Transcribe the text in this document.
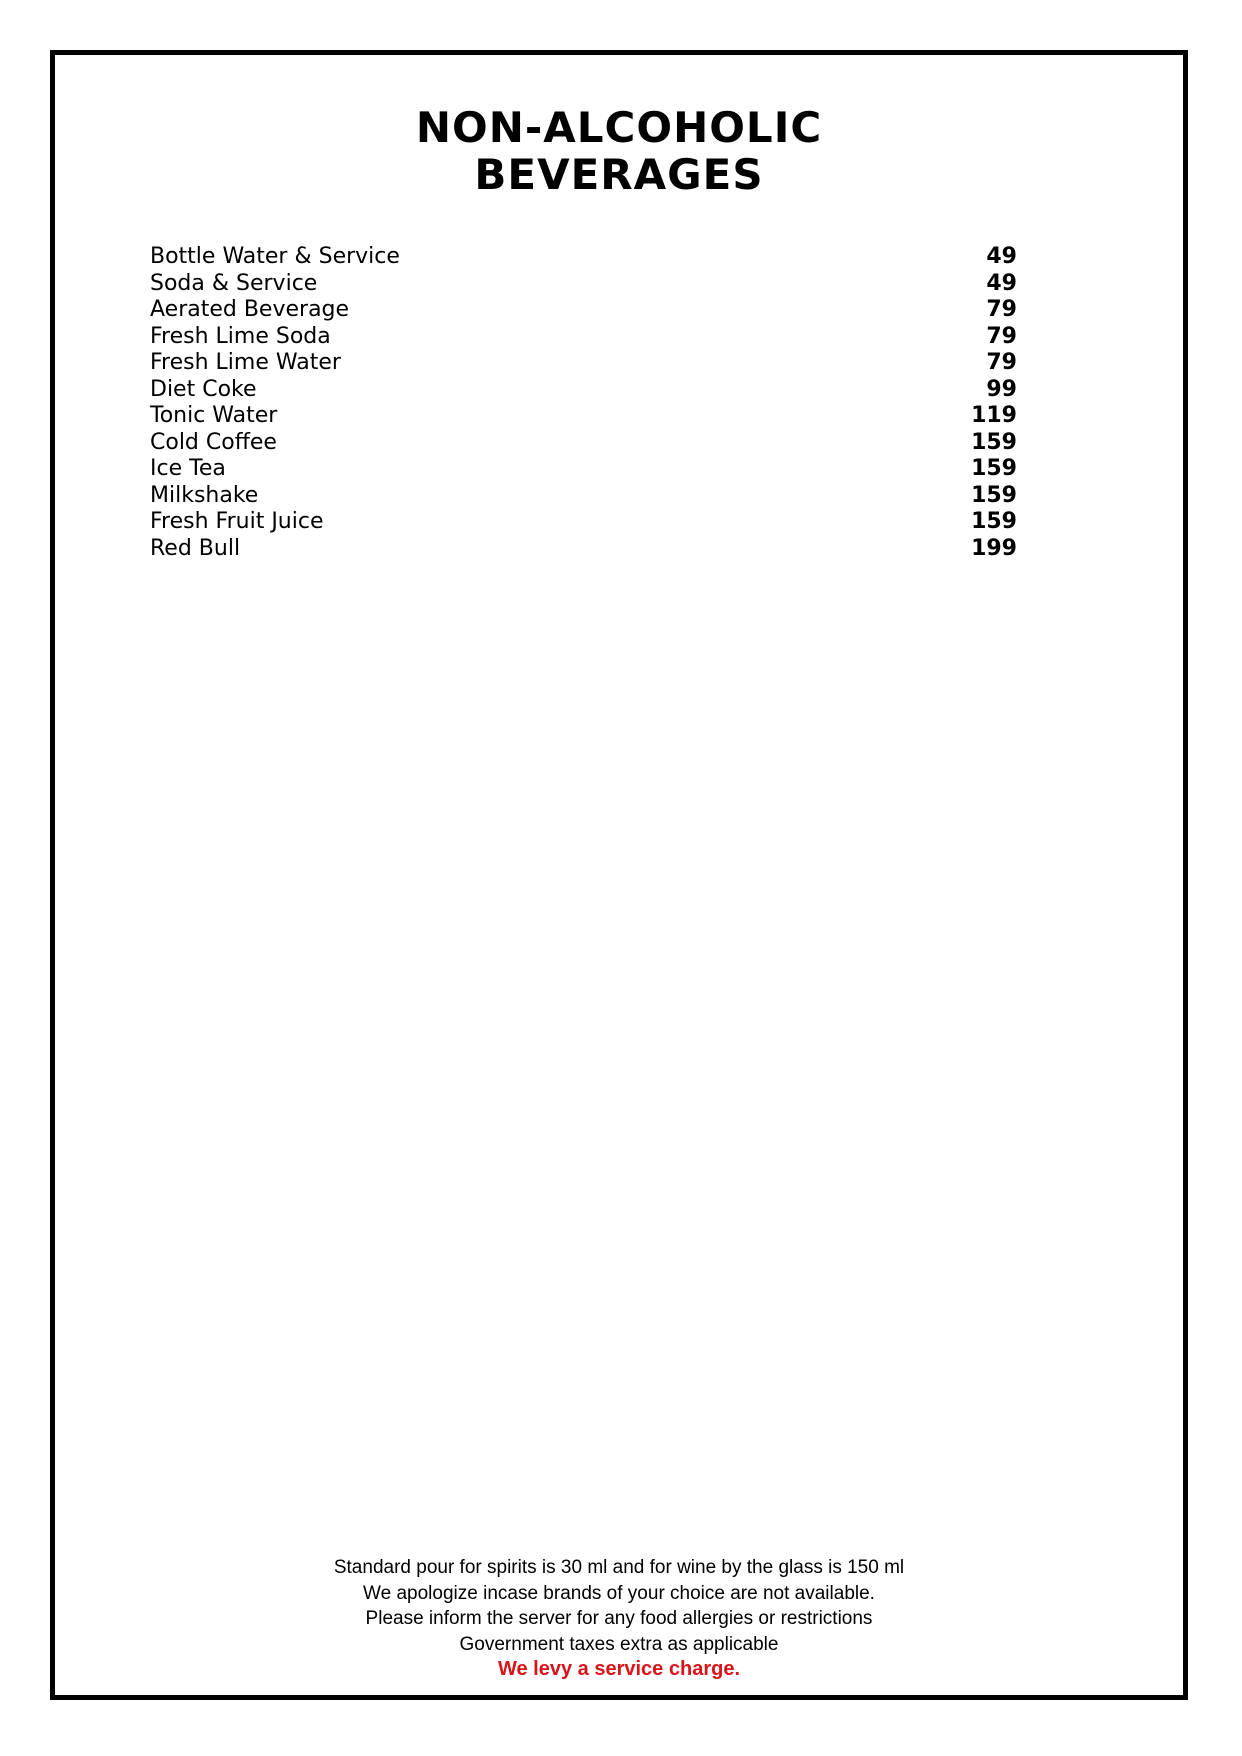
NON-ALCOHOLIC
BEVERAGES
Bottle Water & Service	49
Soda & Service	49
Aerated Beverage	79
Fresh Lime Soda	79
Fresh Lime Water	79
Diet Coke	99
Tonic Water	119
Cold Coffee	159
Ice Tea	159
Milkshake	159
Fresh Fruit Juice	159
Red Bull	199
Standard pour for spirits is 30 ml and for wine by the glass is 150 ml
We apologize incase brands of your choice are not available.
Please inform the server for any food allergies or restrictions
Government taxes extra as applicable
We levy a service charge.
